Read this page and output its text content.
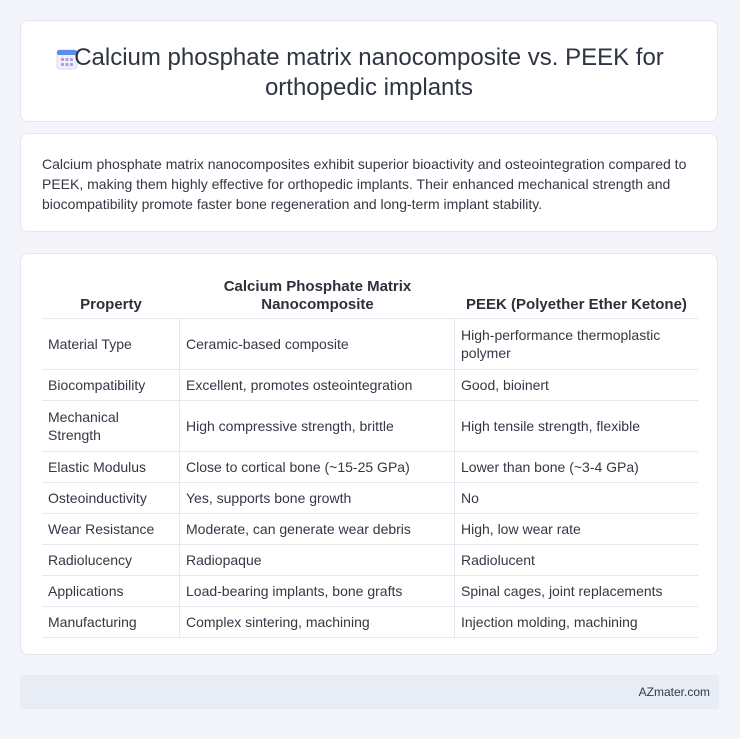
Calcium phosphate matrix nanocomposite vs. PEEK for orthopedic implants

Calcium phosphate matrix nanocomposites exhibit superior bioactivity and osteointegration compared to PEEK, making them highly effective for orthopedic implants. Their enhanced mechanical strength and biocompatibility promote faster bone regeneration and long-term implant stability.

Property	Calcium Phosphate Matrix Nanocomposite	PEEK (Polyether Ether Ketone)
Material Type	Ceramic-based composite	High-performance thermoplastic polymer
Biocompatibility	Excellent, promotes osteointegration	Good, bioinert
Mechanical Strength	High compressive strength, brittle	High tensile strength, flexible
Elastic Modulus	Close to cortical bone (~15-25 GPa)	Lower than bone (~3-4 GPa)
Osteoinductivity	Yes, supports bone growth	No
Wear Resistance	Moderate, can generate wear debris	High, low wear rate
Radiolucency	Radiopaque	Radiolucent
Applications	Load-bearing implants, bone grafts	Spinal cages, joint replacements
Manufacturing	Complex sintering, machining	Injection molding, machining
AZmater.com
